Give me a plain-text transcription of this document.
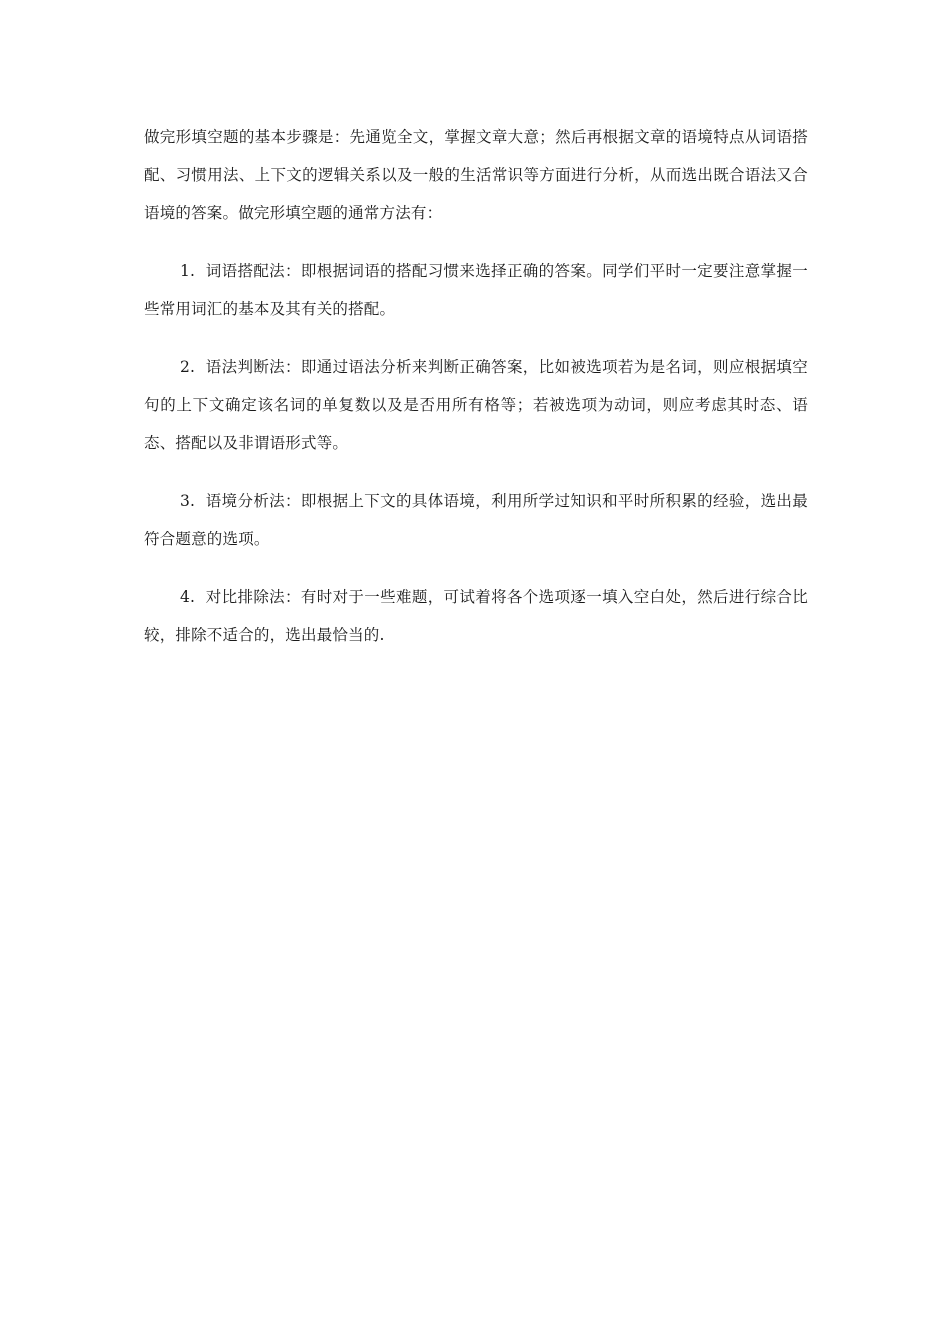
做完形填空题的基本步骤是：先通览全文，掌握文章大意；然后再根据文章的语境特点从词语搭配、习惯用法、上下文的逻辑关系以及一般的生活常识等方面进行分析，从而选出既合语法又合语境的答案。做完形填空题的通常方法有：

1. 词语搭配法：即根据词语的搭配习惯来选择正确的答案。同学们平时一定要注意掌握一些常用词汇的基本及其有关的搭配。

2. 语法判断法：即通过语法分析来判断正确答案，比如被选项若为是名词，则应根据填空句的上下文确定该名词的单复数以及是否用所有格等；若被选项为动词，则应考虑其时态、语态、搭配以及非谓语形式等。

3. 语境分析法：即根据上下文的具体语境，利用所学过知识和平时所积累的经验，选出最符合题意的选项。

4. 对比排除法：有时对于一些难题，可试着将各个选项逐一填入空白处，然后进行综合比较，排除不适合的，选出最恰当的.
